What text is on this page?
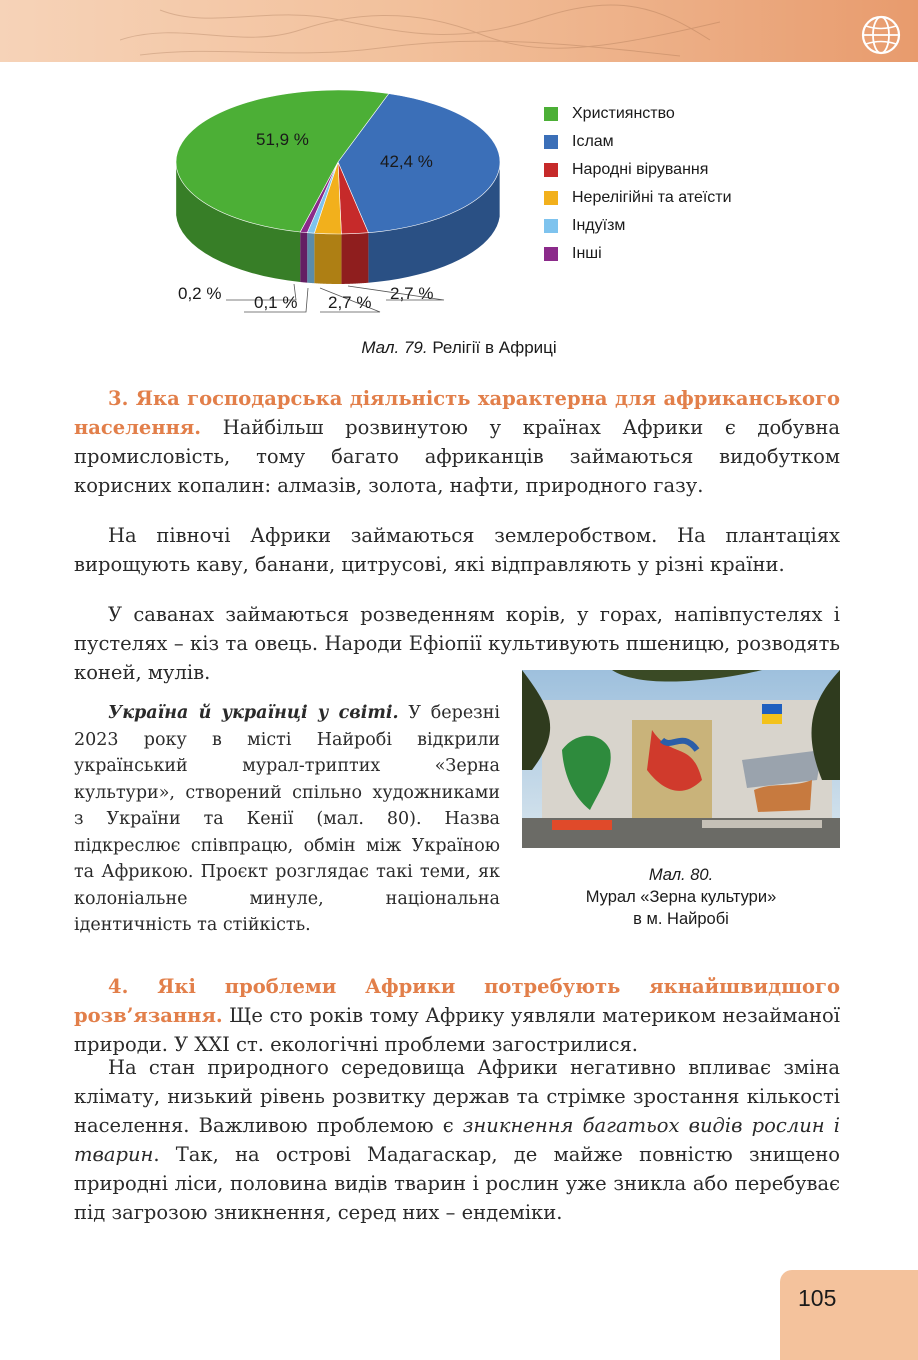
51,9 %
42,4 %
0,2 % 0,1 % 2,7 % 2,7 %
Християнство
Іслам
Народні вірування
Нерелігійні та атеїсти
Індуїзм
Інші
Мал. 79. Релігії в Африці

3. Яка господарська діяльність характерна для африканського населення. Найбільш розвинутою у країнах Африки є добувна промисловість, тому багато африканців займаються видобутком корисних копалин: алмазів, золота, нафти, природного газу.

На півночі Африки займаються землеробством. На плантаціях вирощують каву, банани, цитрусові, які відправляють у різні країни.

У саванах займаються розведенням корів, у горах, напівпустелях і пустелях – кіз та овець. Народи Ефіопії культивують пшеницю, розводять коней, мулів.

Україна й українці у світі. У березні 2023 року в місті Найробі відкрили український мурал-триптих «Зерна культури», створений спільно художниками з України та Кенії (мал. 80). Назва підкреслює співпрацю, обмін між Україною та Африкою. Проєкт розглядає такі теми, як колоніальне минуле, національна ідентичність та стійкість.

Мал. 80.
Мурал «Зерна культури»
в м. Найробі

4. Які проблеми Африки потребують якнайшвидшого розв’язання. Ще сто років тому Африку уявляли материком незайманої природи. У XXI ст. екологічні проблеми загострилися.

На стан природного середовища Африки негативно впливає зміна клімату, низький рівень розвитку держав та стрімке зростання кількості населення. Важливою проблемою є зникнення багатьох видів рослин і тварин. Так, на острові Мадагаскар, де майже повністю знищено природні ліси, половина видів тварин і рослин уже зникла або перебуває під загрозою зникнення, серед них – ендеміки.

105
